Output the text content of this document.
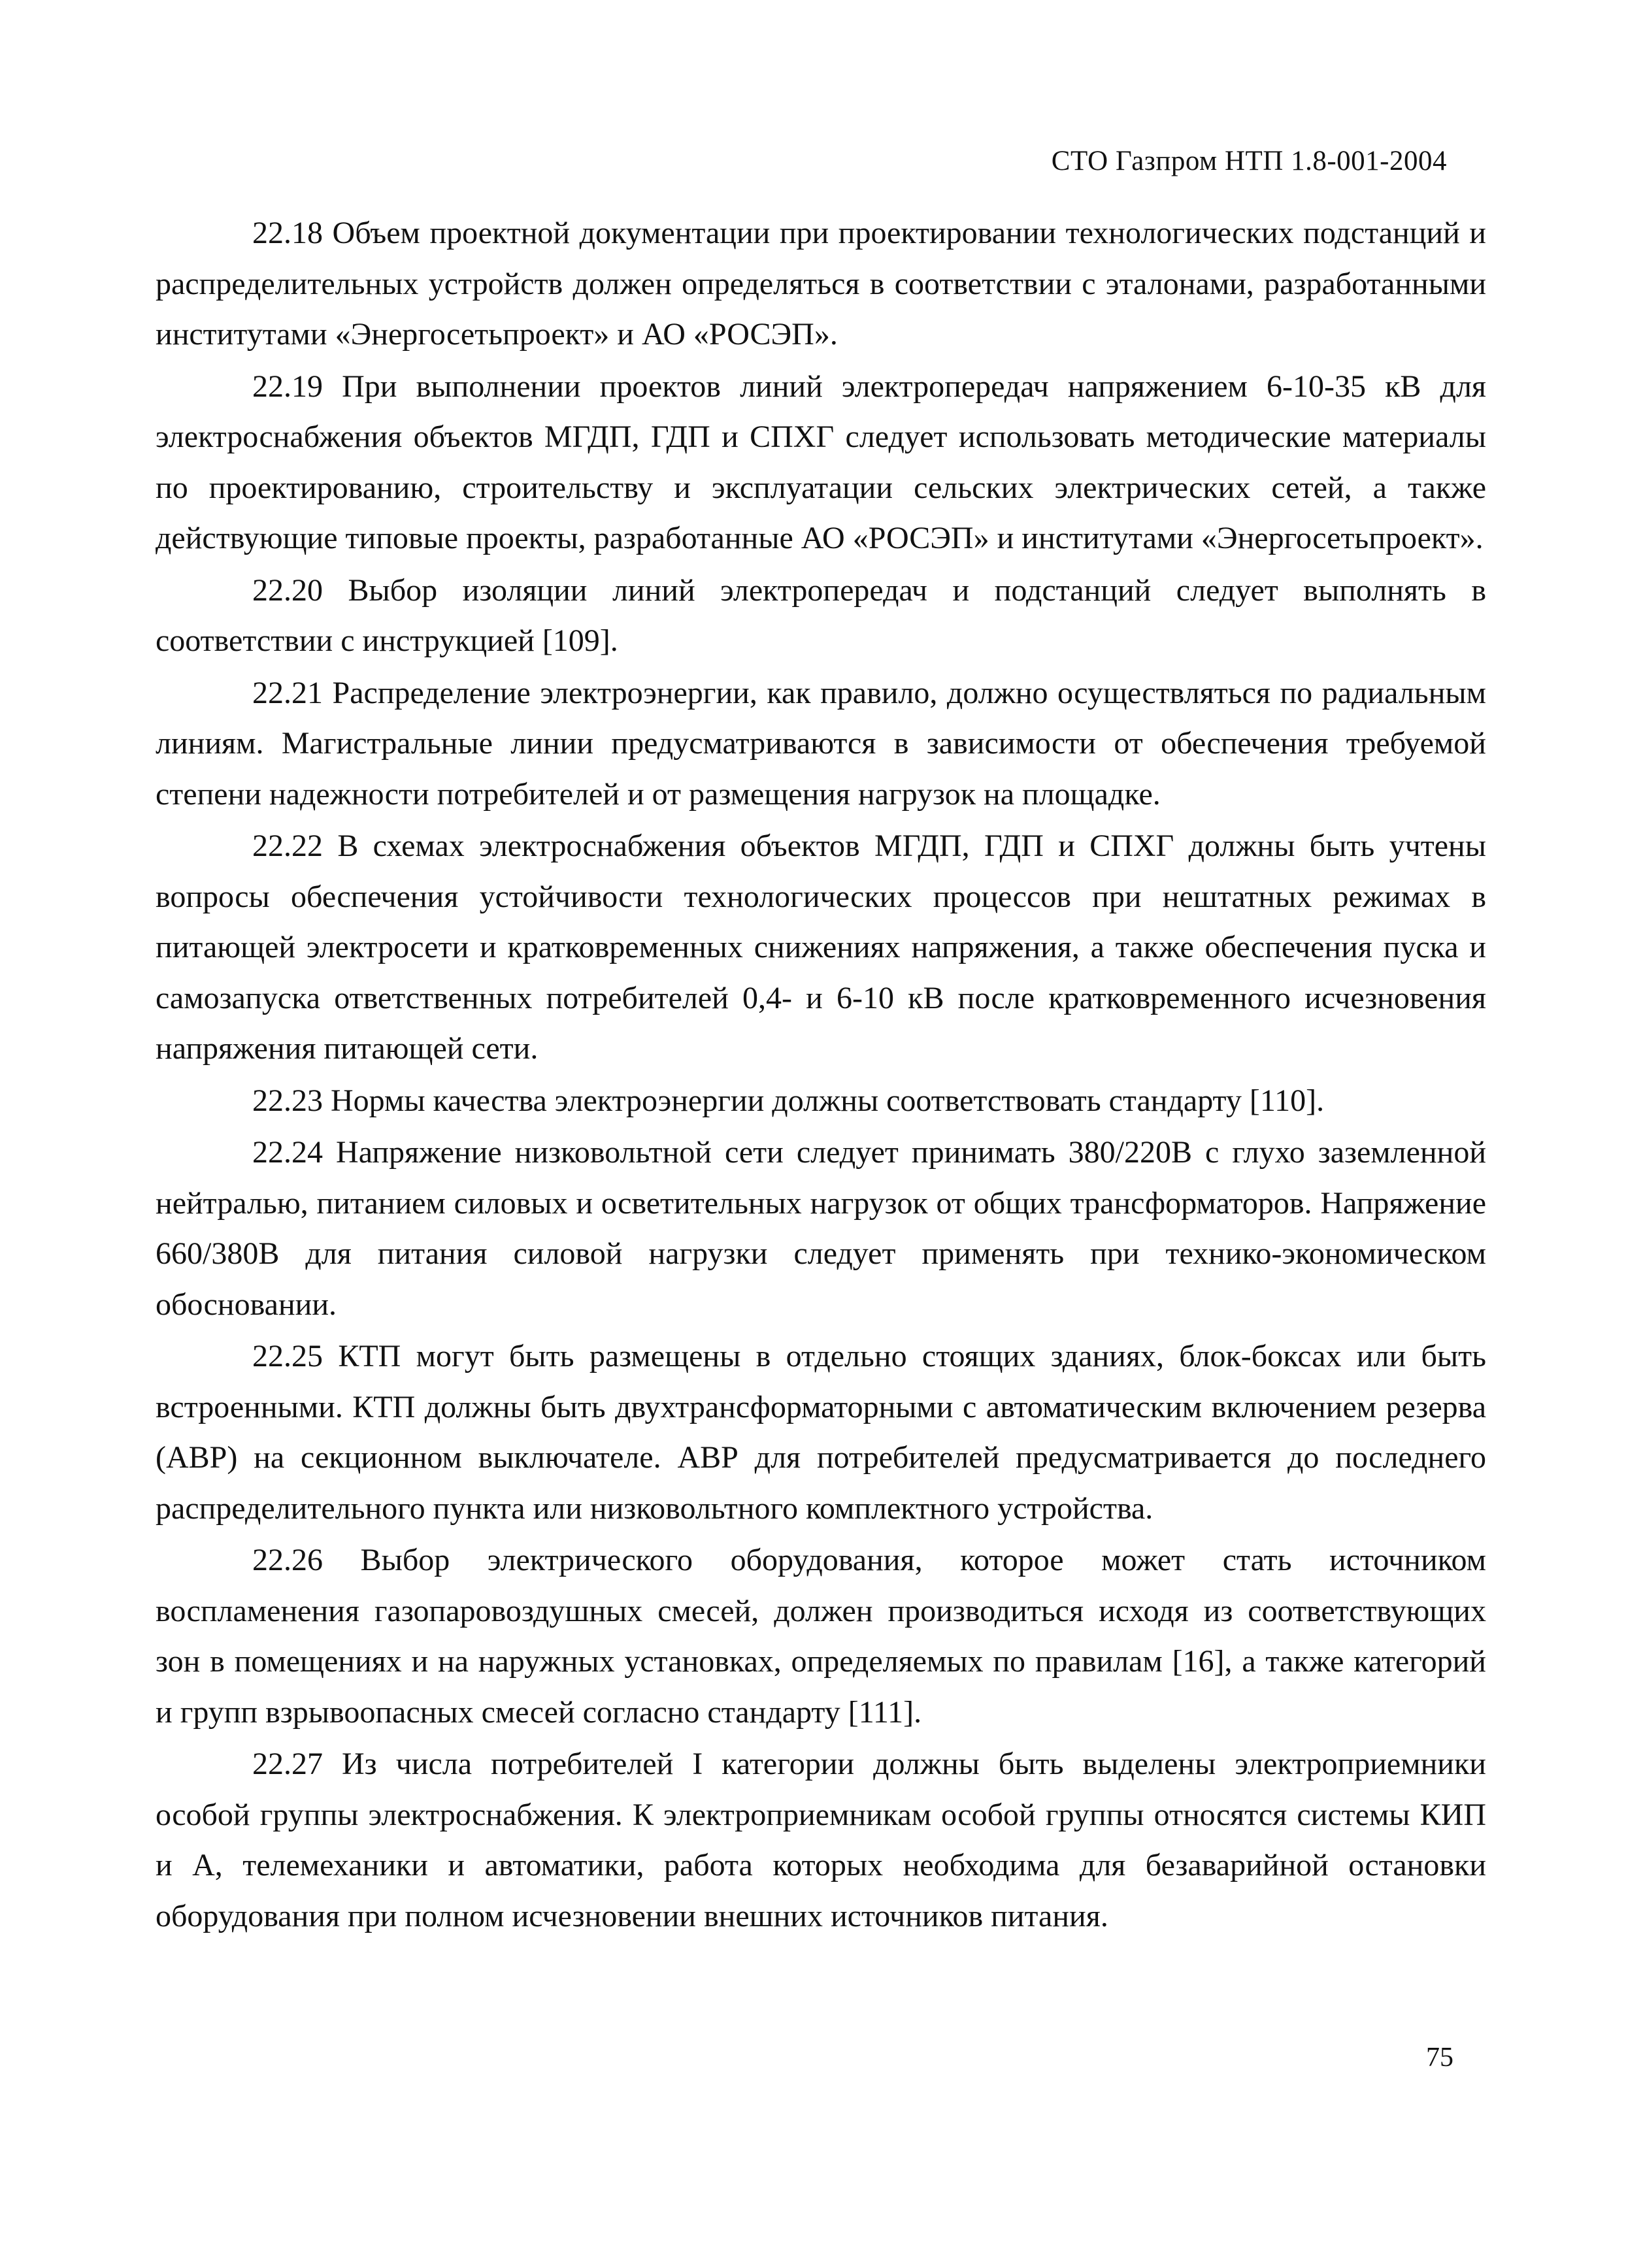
СТО Газпром НТП 1.8-001-2004

22.18 Объем проектной документации при проектировании технологических подстанций и распределительных устройств должен определяться в соответствии с эталонами, разработанными институтами «Энергосетьпроект» и АО «РОСЭП».

22.19 При выполнении проектов линий электропередач напряжением 6-10-35 кВ для электроснабжения объектов МГДП, ГДП и СПХГ следует использовать методические материалы по проектированию, строительству и эксплуатации сельских электрических сетей, а также действующие типовые проекты, разработанные АО «РОСЭП» и институтами «Энергосетьпроект».

22.20 Выбор изоляции линий электропередач и подстанций следует выполнять в соответствии с инструкцией [109].

22.21 Распределение электроэнергии, как правило, должно осуществляться по радиальным линиям. Магистральные линии предусматриваются в зависимости от обеспечения требуемой степени надежности потребителей и от размещения нагрузок на площадке.

22.22 В схемах электроснабжения объектов МГДП, ГДП и СПХГ должны быть учтены вопросы обеспечения устойчивости технологических процессов при нештатных режимах в питающей электросети и кратковременных снижениях напряжения, а также обеспечения пуска и самозапуска ответственных потребителей 0,4- и 6-10 кВ после кратковременного исчезновения напряжения питающей сети.

22.23 Нормы качества электроэнергии должны соответствовать стандарту [110].

22.24 Напряжение низковольтной сети следует принимать 380/220В с глухо заземленной нейтралью, питанием силовых и осветительных нагрузок от общих трансформаторов. Напряжение 660/380В для питания силовой нагрузки следует применять при технико-экономическом обосновании.

22.25 КТП могут быть размещены в отдельно стоящих зданиях, блок-боксах или быть встроенными. КТП должны быть двухтрансформаторными с автоматическим включением резерва (АВР) на секционном выключателе. АВР для потребителей предусматривается до последнего распределительного пункта или низковольтного комплектного устройства.

22.26 Выбор электрического оборудования, которое может стать источником воспламенения газопаровоздушных смесей, должен производиться исходя из соответствующих зон в помещениях и на наружных установках, определяемых по правилам [16], а также категорий и групп взрывоопасных смесей согласно стандарту [111].

22.27 Из числа потребителей I категории должны быть выделены электроприемники особой группы электроснабжения. К электроприемникам особой группы относятся системы КИП и А, телемеханики и автоматики, работа которых необходима для безаварийной остановки оборудования при полном исчезновении внешних источников питания.

75
